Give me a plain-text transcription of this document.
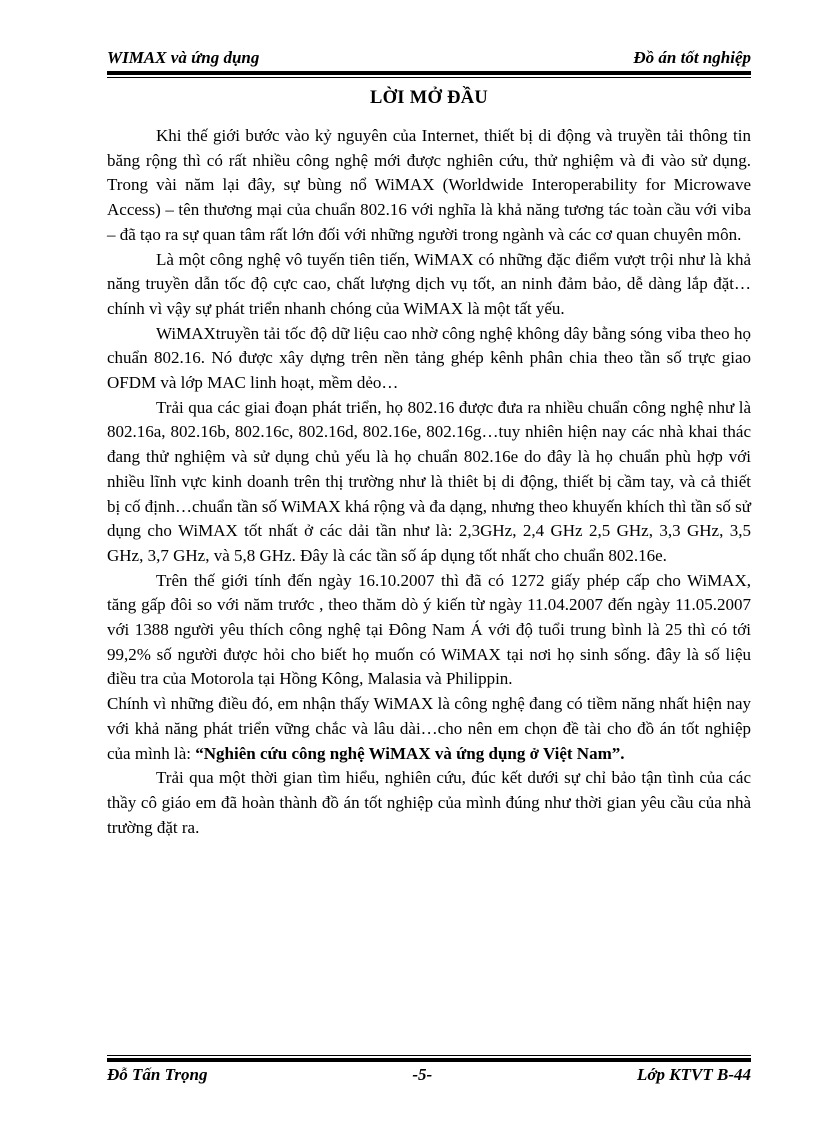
WIMAX và ứng dụng	Đồ án tốt nghiệp
LỜI MỞ ĐẦU

Khi thế giới bước vào kỷ nguyên của Internet, thiết bị di động và truyền tải thông tin băng rộng thì có rất nhiều công nghệ mới được nghiên cứu, thử nghiệm và đi vào sử dụng. Trong vài năm lại đây, sự bùng nổ WiMAX (Worldwide Interoperability for Microwave Access) – tên thương mại của chuẩn 802.16 với nghĩa là khả năng tương tác toàn cầu với viba – đã tạo ra sự quan tâm rất lớn đối với những người trong ngành và các cơ quan chuyên môn.

Là một công nghệ vô tuyến tiên tiến, WiMAX có những đặc điểm vượt trội như là khả năng truyền dẫn tốc độ cực cao, chất lượng dịch vụ tốt, an ninh đảm bảo, dễ dàng lắp đặt…chính vì vậy sự phát triển nhanh chóng của WiMAX là một tất yếu.

WiMAXtruyền tải tốc độ dữ liệu cao nhờ công nghệ không dây bằng sóng viba theo họ chuẩn 802.16. Nó được xây dựng trên nền tảng ghép kênh phân chia theo tần số trực giao OFDM và lớp MAC linh hoạt, mềm dẻo…

Trải qua các giai đoạn phát triển, họ 802.16 được đưa ra nhiều chuẩn công nghệ như là 802.16a, 802.16b, 802.16c, 802.16d, 802.16e, 802.16g…tuy nhiên hiện nay các nhà khai thác đang thử nghiệm và sử dụng chủ yếu là họ chuẩn 802.16e do đây là họ chuẩn phù hợp với nhiều lĩnh vực kinh doanh trên thị trường như là thiêt bị di động, thiết bị cầm tay, và cả thiết bị cố định…chuẩn tần số WiMAX khá rộng và đa dạng, nhưng theo khuyến khích thì tần số sử dụng cho WiMAX tốt nhất ở các dải tần như là: 2,3GHz, 2,4 GHz 2,5 GHz, 3,3 GHz, 3,5 GHz, 3,7 GHz, và 5,8 GHz. Đây là các tần số áp dụng tốt nhất cho chuẩn 802.16e.

Trên thế giới tính đến ngày 16.10.2007 thì đã có 1272 giấy phép cấp cho WiMAX, tăng gấp đôi so với năm trước , theo thăm dò ý kiến từ ngày 11.04.2007 đến ngày 11.05.2007 với 1388 người yêu thích công nghệ tại Đông Nam Á với độ tuổi trung bình là 25 thì có tới 99,2% số người được hỏi cho biết họ muốn có WiMAX tại nơi họ sinh sống. đây là số liệu điều tra của Motorola tại Hồng Kông, Malasia và Philippin.

Chính vì những điều đó, em nhận thấy WiMAX là công nghệ đang có tiềm năng nhất hiện nay với khả năng phát triển vững chắc và lâu dài…cho nên em chọn đề tài cho đồ án tốt nghiệp của mình là: “Nghiên cứu công nghệ WiMAX và ứng dụng ở Việt Nam”.

Trải qua một thời gian tìm hiểu, nghiên cứu, đúc kết dưới sự chỉ bảo tận tình của các thầy cô giáo em đã hoàn thành đồ án tốt nghiệp của mình đúng như thời gian yêu cầu của nhà trường đặt ra.

Đỗ Tấn Trọng	-5-	Lớp KTVT B-44
